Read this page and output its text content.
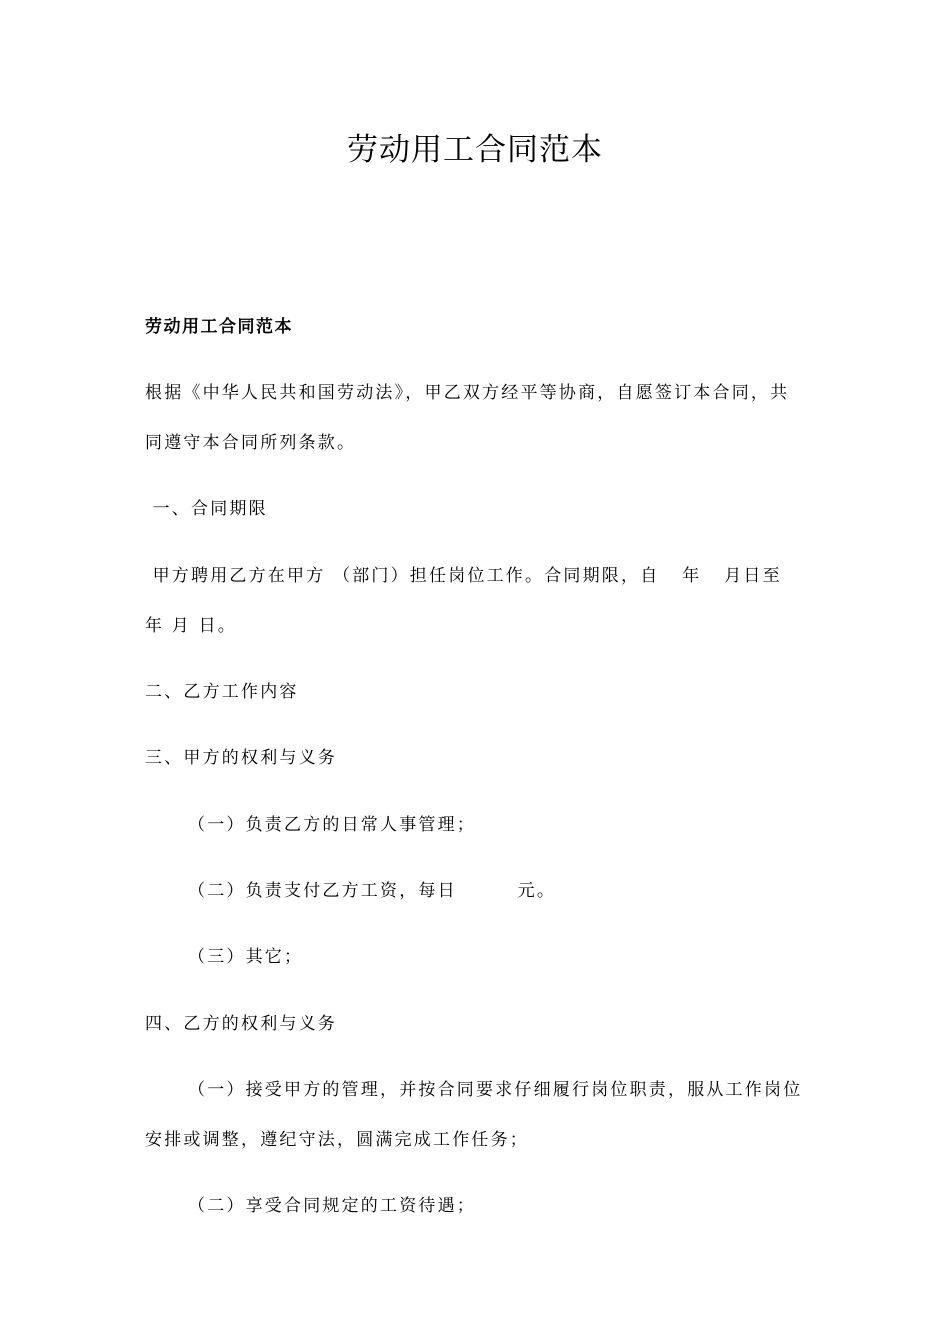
劳动用工合同范本

劳动用工合同范本

根据《中华人民共和国劳动法》，甲乙双方经平等协商，自愿签订本合同，共

同遵守本合同所列条款。

一、合同期限

甲方聘用乙方在甲方 （部门）担任岗位工作。合同期限，自   年   月日至

年 月 日。

二、乙方工作内容

三、甲方的权利与义务

（一）负责乙方的日常人事管理；

（二）负责支付乙方工资，每日        元。

（三）其它；

四、乙方的权利与义务

（一）接受甲方的管理，并按合同要求仔细履行岗位职责，服从工作岗位

安排或调整，遵纪守法，圆满完成工作任务；

（二）享受合同规定的工资待遇；
